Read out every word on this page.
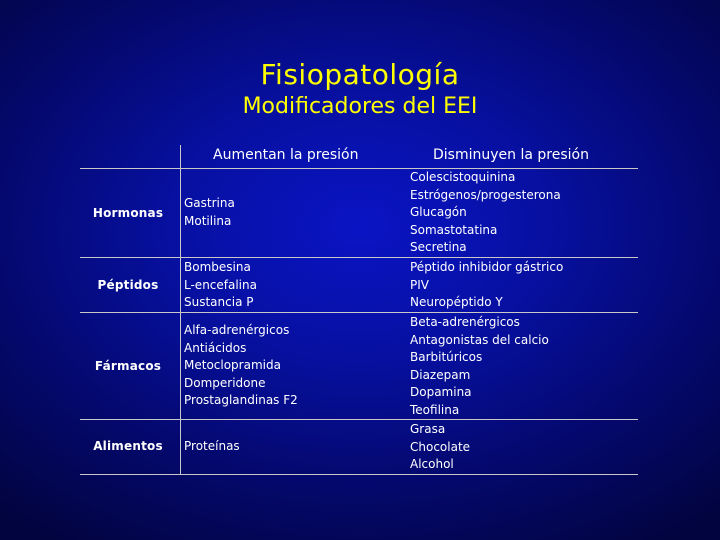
Fisiopatología
Modificadores del EEI
Aumentan la presión	Disminuyen la presión
Hormonas
Gastrina
Motilina
Colescistoquinina
Estrógenos/progesterona
Glucagón
Somastotatina
Secretina
Péptidos
Bombesina
L-encefalina
Sustancia P
Péptido inhibidor gástrico
PIV
Neuropéptido Y
Fármacos
Alfa-adrenérgicos
Antiácidos
Metoclopramida
Domperidone
Prostaglandinas F2
Beta-adrenérgicos
Antagonistas del calcio
Barbitúricos
Diazepam
Dopamina
Teofilina
Alimentos	Proteínas
Grasa
Chocolate
Alcohol
